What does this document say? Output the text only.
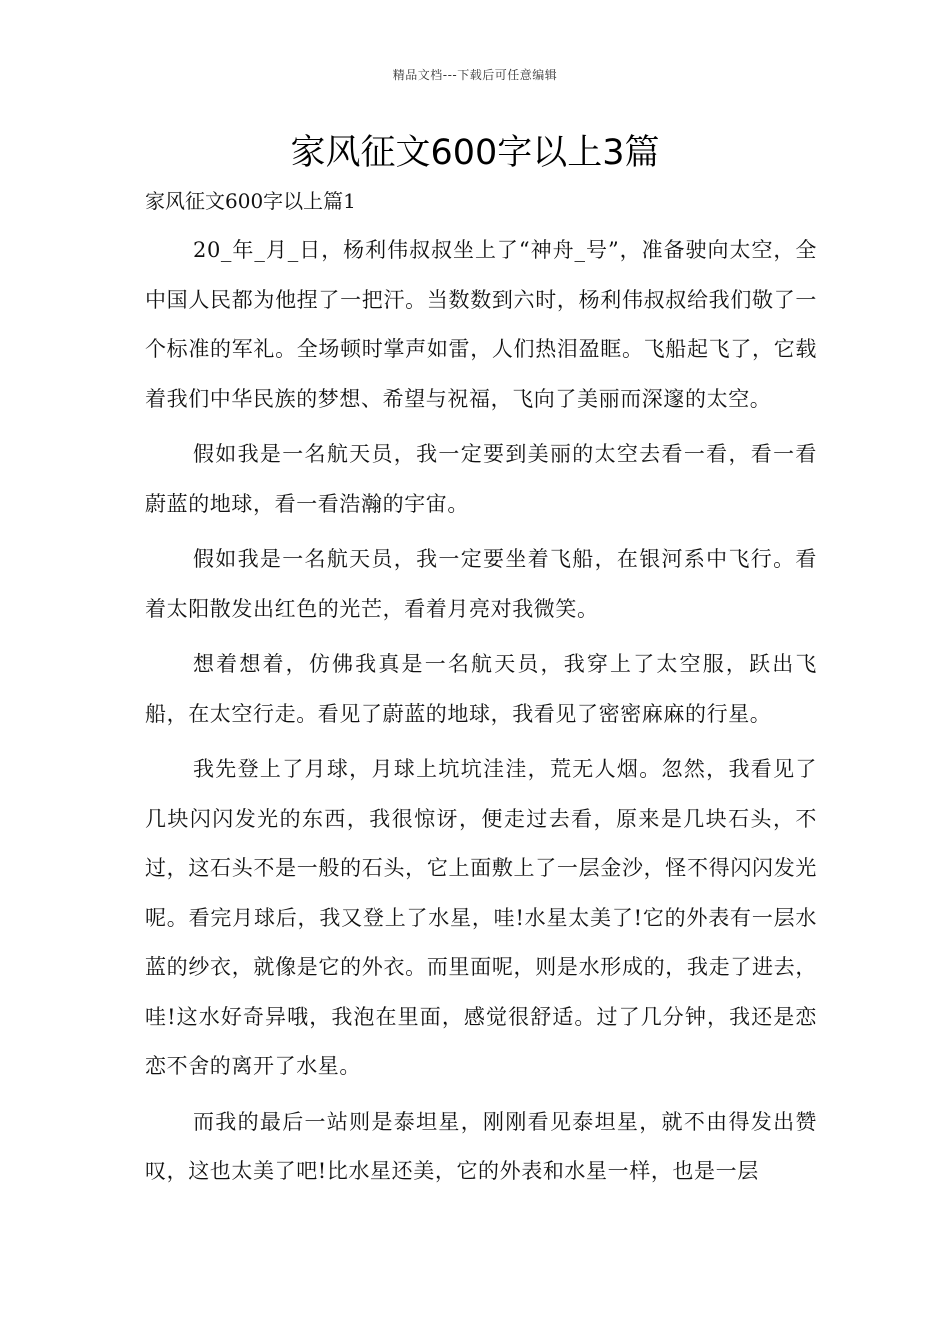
精品文档---下载后可任意编辑
家风征文600字以上3篇
家风征文600字以上篇1

20_年_月_日，杨利伟叔叔坐上了“神舟_号”，准备驶向太空，全中国人民都为他捏了一把汗。当数数到六时，杨利伟叔叔给我们敬了一个标准的军礼。全场顿时掌声如雷，人们热泪盈眶。飞船起飞了，它载着我们中华民族的梦想、希望与祝福，飞向了美丽而深邃的太空。

假如我是一名航天员，我一定要到美丽的太空去看一看，看一看蔚蓝的地球，看一看浩瀚的宇宙。

假如我是一名航天员，我一定要坐着飞船，在银河系中飞行。看着太阳散发出红色的光芒，看着月亮对我微笑。

想着想着，仿佛我真是一名航天员，我穿上了太空服，跃出飞船，在太空行走。看见了蔚蓝的地球，我看见了密密麻麻的行星。

我先登上了月球，月球上坑坑洼洼，荒无人烟。忽然，我看见了几块闪闪发光的东西，我很惊讶，便走过去看，原来是几块石头，不过，这石头不是一般的石头，它上面敷上了一层金沙，怪不得闪闪发光呢。看完月球后，我又登上了水星，哇!水星太美了!它的外表有一层水蓝的纱衣，就像是它的外衣。而里面呢，则是水形成的，我走了进去，哇!这水好奇异哦，我泡在里面，感觉很舒适。过了几分钟，我还是恋恋不舍的离开了水星。

而我的最后一站则是泰坦星，刚刚看见泰坦星，就不由得发出赞叹，这也太美了吧!比水星还美，它的外表和水星一样，也是一层
